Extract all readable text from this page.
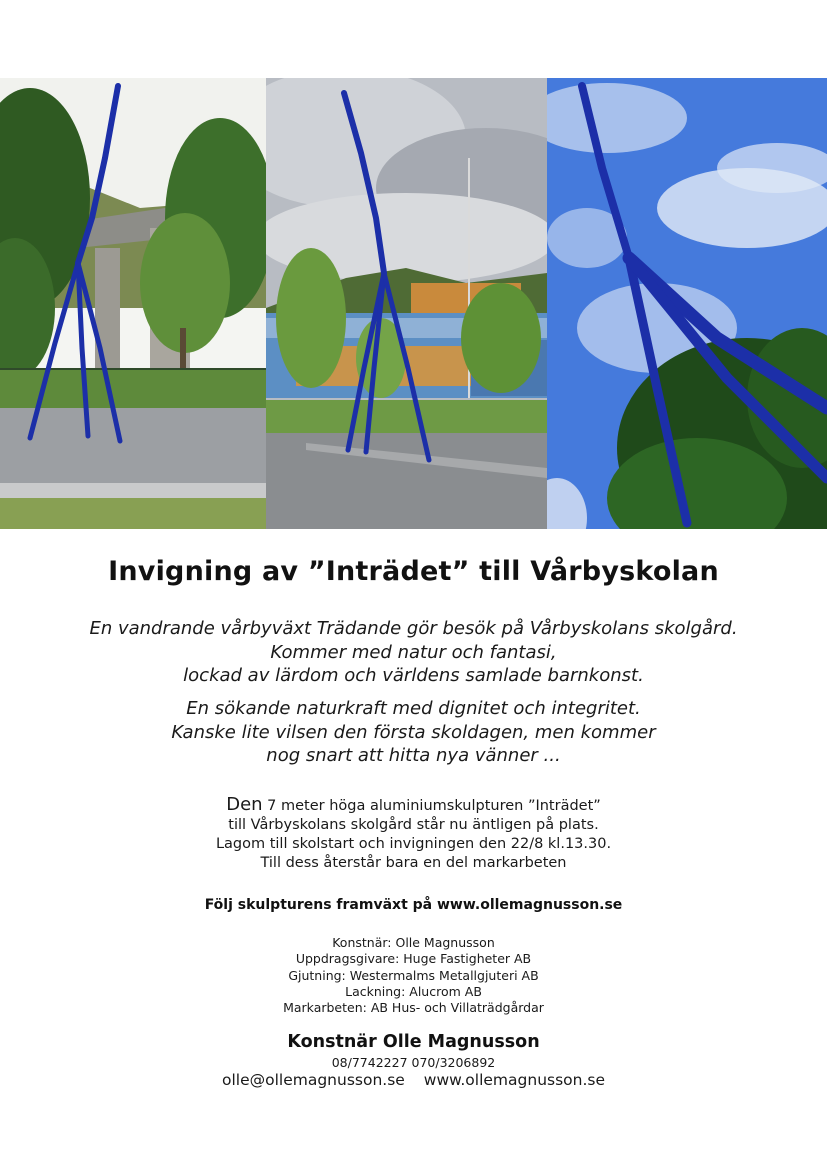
Invigning av ”Inträdet” till Vårbyskolan
En vandrande vårbyväxt Trädande gör besök på Vårbyskolans skolgård.
Kommer med natur och fantasi,
lockad av lärdom och världens samlade barnkonst.
En sökande naturkraft med dignitet och integritet.
Kanske lite vilsen den första skoldagen, men kommer
nog snart att hitta nya vänner ...
Den 7 meter höga aluminiumskulpturen ”Inträdet”
till Vårbyskolans skolgård står nu äntligen på plats.
Lagom till skolstart och invigningen den 22/8 kl.13.30.
Till dess återstår bara en del markarbeten
Följ skulpturens framväxt på www.ollemagnusson.se
Konstnär: Olle Magnusson
Uppdragsgivare: Huge Fastigheter AB
Gjutning: Westermalms Metallgjuteri AB
Lackning: Alucrom AB
Markarbeten: AB Hus- och Villaträdgårdar
Konstnär Olle Magnusson
08/7742227 070/3206892
olle@ollemagnusson.se www.ollemagnusson.se
